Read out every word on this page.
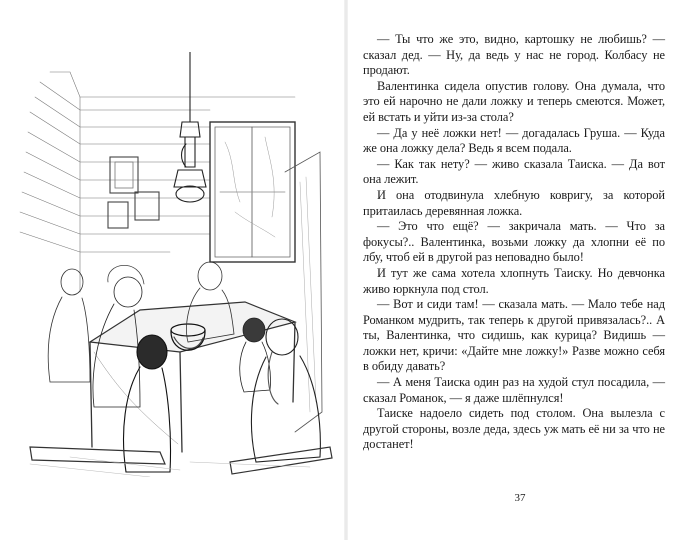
— Ты что же это, видно, картошку не любишь? — сказал дед. — Ну, да ведь у нас не город. Колбасу не продают.

Валентинка сидела опустив голову. Она думала, что это ей нарочно не дали ложку и теперь смеются. Может, ей встать и уйти из-за стола?

— Да у неё ложки нет! — догадалась Груша. — Куда же она ложку дела? Ведь я всем подала.

— Как так нету? — живо сказала Таиска. — Да вот она лежит.

И она отодвинула хлебную ковригу, за которой притаилась деревянная ложка.

— Это что ещё? — закричала мать. — Что за фокусы?.. Валентинка, возьми ложку да хлопни её по лбу, чтоб ей в другой раз неповадно было!

И тут же сама хотела хлопнуть Таиску. Но девчонка живо юркнула под стол.

— Вот и сиди там! — сказала мать. — Мало тебе над Романком мудрить, так теперь к другой привязалась?.. А ты, Валентинка, что сидишь, как курица? Видишь — ложки нет, кричи: «Дайте мне ложку!» Разве можно себя в обиду давать?

— А меня Таиска один раз на худой стул посадила, — сказал Романок, — я даже шлёпнулся!

Таиске надоело сидеть под столом. Она вылезла с другой стороны, возле деда, здесь уж мать её ни за что не достанет!

37
